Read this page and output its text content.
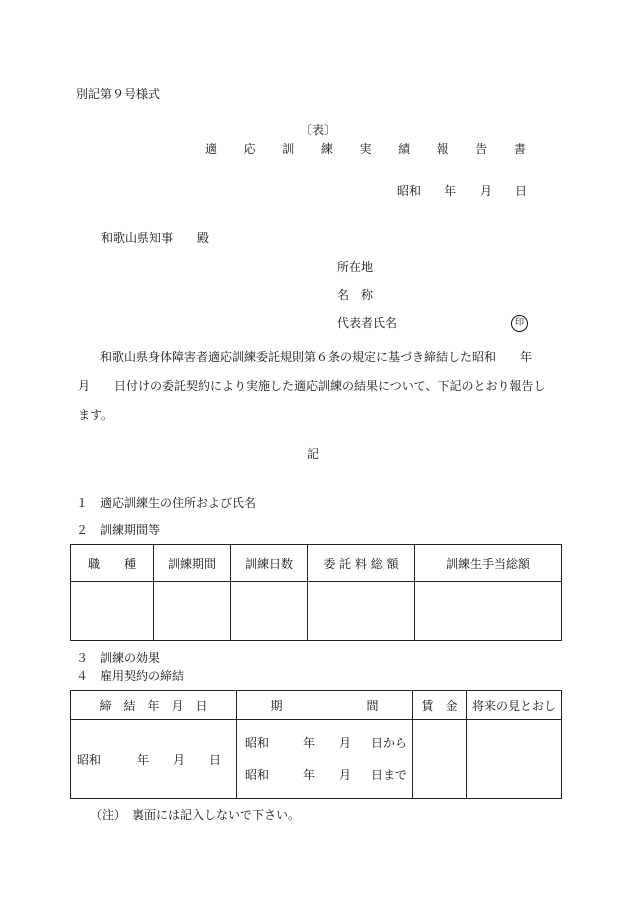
別記第９号様式
〔表〕
適 応 訓 練 実 績 報 告 書
昭和 年 月 日
和歌山県知事　　殿
所在地
名　称
代表者氏名	印
和歌山県身体障害者適応訓練委託規則第６条の規定に基づき締結した昭和　　年　月　　日付けの委託契約により実施した適応訓練の結果について、下記のとおり報告します。
記
１　適応訓練生の住所および氏名
２　訓練期間等
職　　種	訓練期間	訓練日数	委 託 料 総 額	訓練生手当総額

３　訓練の効果
４　雇用契約の締結
締　結　年　月　日	期　　　　　　　間	賃　金	将来の見とおし
昭和 年 月 日	昭和 年 月 日から
昭和 年 月 日まで		

（注）　裏面には記入しないで下さい。
